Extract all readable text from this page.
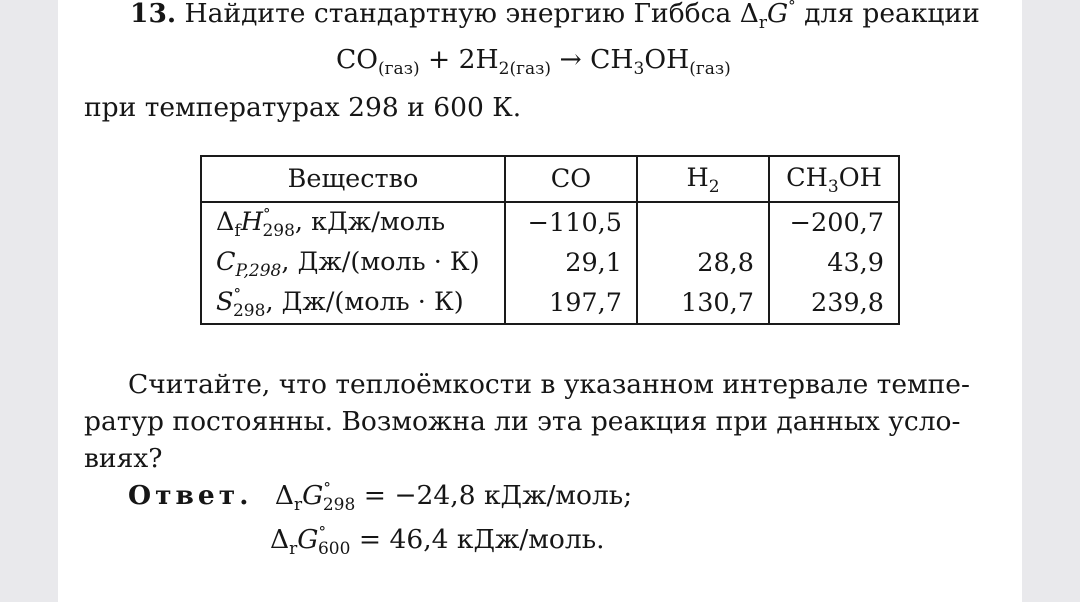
13. Найдите стандартную энергию Гиббса $\Delta_rG^\circ$ для реакции
$CO_{(газ)} + 2H_{2(газ)} \to CH_3OH_{(газ)}$
при температурах 298 и 600 К.
Вещество	CO	$H_2$	$CH_3OH$
$\Delta_fH^\circ_{298}$, кДж/моль	−110,5		−200,7
$C_{P,298}$, Дж/(моль · К)	29,1	28,8	43,9
$S^\circ_{298}$, Дж/(моль · К)	197,7	130,7	239,8
Считайте, что теплоёмкости в указанном интервале темпе-
ратур постоянны. Возможна ли эта реакция при данных усло-
виях?
Ответ. $\Delta_rG^\circ_{298} = -24,8$ кДж/моль;
$\Delta_rG^\circ_{600} = 46,4$ кДж/моль.
